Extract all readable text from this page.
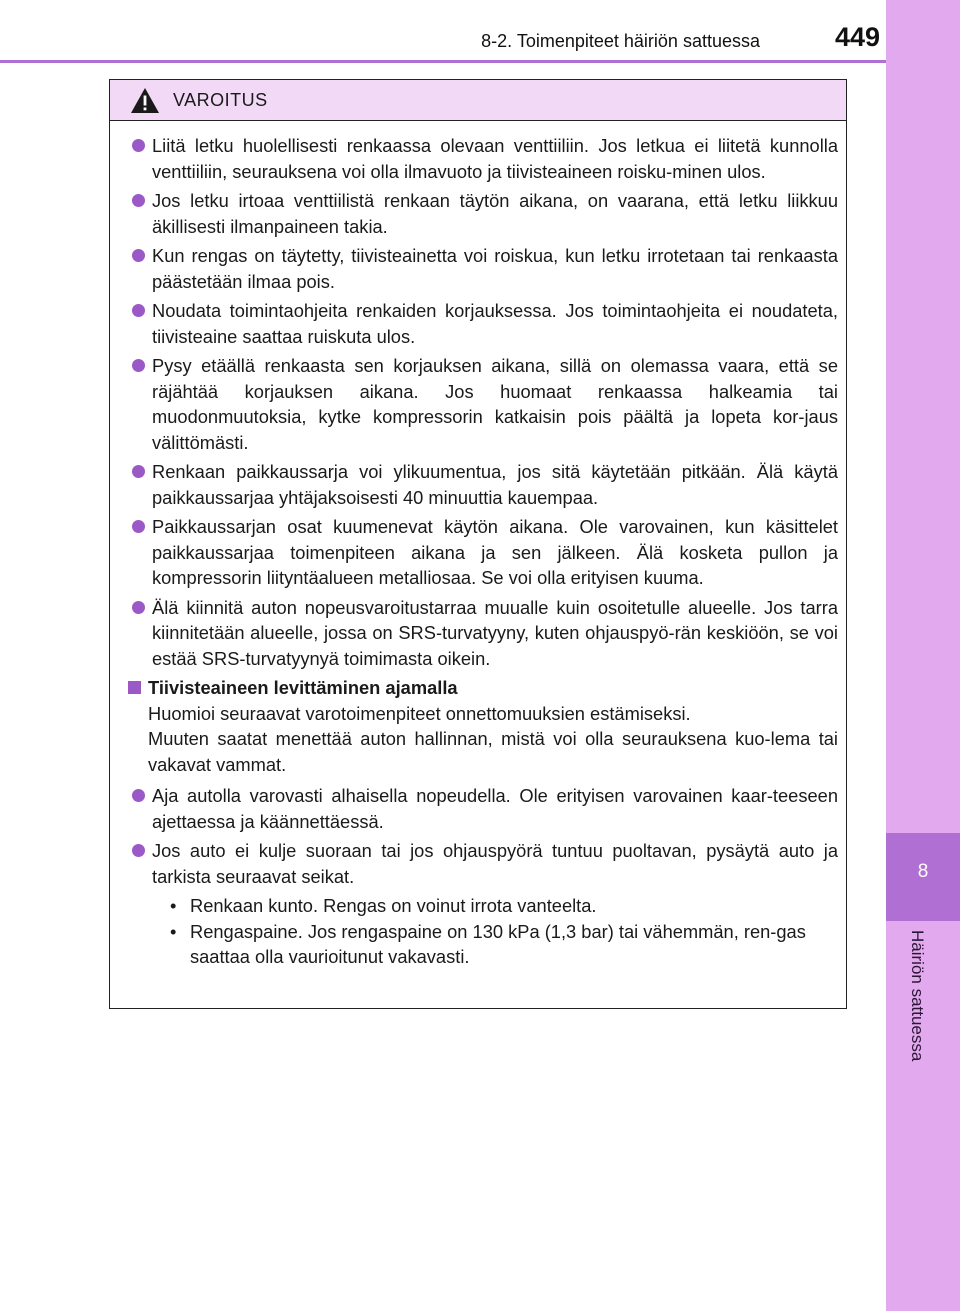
8
Häiriön sattuessa
8-2. Toimenpiteet häiriön sattuessa	449
VAROITUS
Liitä letku huolellisesti renkaassa olevaan venttiiliin. Jos letkua ei liitetä kunnolla venttiiliin, seurauksena voi olla ilmavuoto ja tiivisteaineen roisku-minen ulos.
Jos letku irtoaa venttiilistä renkaan täytön aikana, on vaarana, että letku liikkuu äkillisesti ilmanpaineen takia.
Kun rengas on täytetty, tiivisteainetta voi roiskua, kun letku irrotetaan tai renkaasta päästetään ilmaa pois.
Noudata toimintaohjeita renkaiden korjauksessa. Jos toimintaohjeita ei noudateta, tiivisteaine saattaa ruiskuta ulos.
Pysy etäällä renkaasta sen korjauksen aikana, sillä on olemassa vaara, että se räjähtää korjauksen aikana. Jos huomaat renkaassa halkeamia tai muodonmuutoksia, kytke kompressorin katkaisin pois päältä ja lopeta kor-jaus välittömästi.
Renkaan paikkaussarja voi ylikuumentua, jos sitä käytetään pitkään. Älä käytä paikkaussarjaa yhtäjaksoisesti 40 minuuttia kauempaa.
Paikkaussarjan osat kuumenevat käytön aikana. Ole varovainen, kun käsittelet paikkaussarjaa toimenpiteen aikana ja sen jälkeen. Älä kosketa pullon ja kompressorin liityntäalueen metalliosaa. Se voi olla erityisen kuuma.
Älä kiinnitä auton nopeusvaroitustarraa muualle kuin osoitetulle alueelle. Jos tarra kiinnitetään alueelle, jossa on SRS-turvatyyny, kuten ohjauspyö-rän keskiöön, se voi estää SRS-turvatyynyä toimimasta oikein.
Tiivisteaineen levittäminen ajamalla
Huomioi seuraavat varotoimenpiteet onnettomuuksien estämiseksi.
Muuten saatat menettää auton hallinnan, mistä voi olla seurauksena kuo-lema tai vakavat vammat.
Aja autolla varovasti alhaisella nopeudella. Ole erityisen varovainen kaar-teeseen ajettaessa ja käännettäessä.
Jos auto ei kulje suoraan tai jos ohjauspyörä tuntuu puoltavan, pysäytä auto ja tarkista seuraavat seikat.
• Renkaan kunto. Rengas on voinut irrota vanteelta.
• Rengaspaine. Jos rengaspaine on 130 kPa (1,3 bar) tai vähemmän, ren-gas saattaa olla vaurioitunut vakavasti.
